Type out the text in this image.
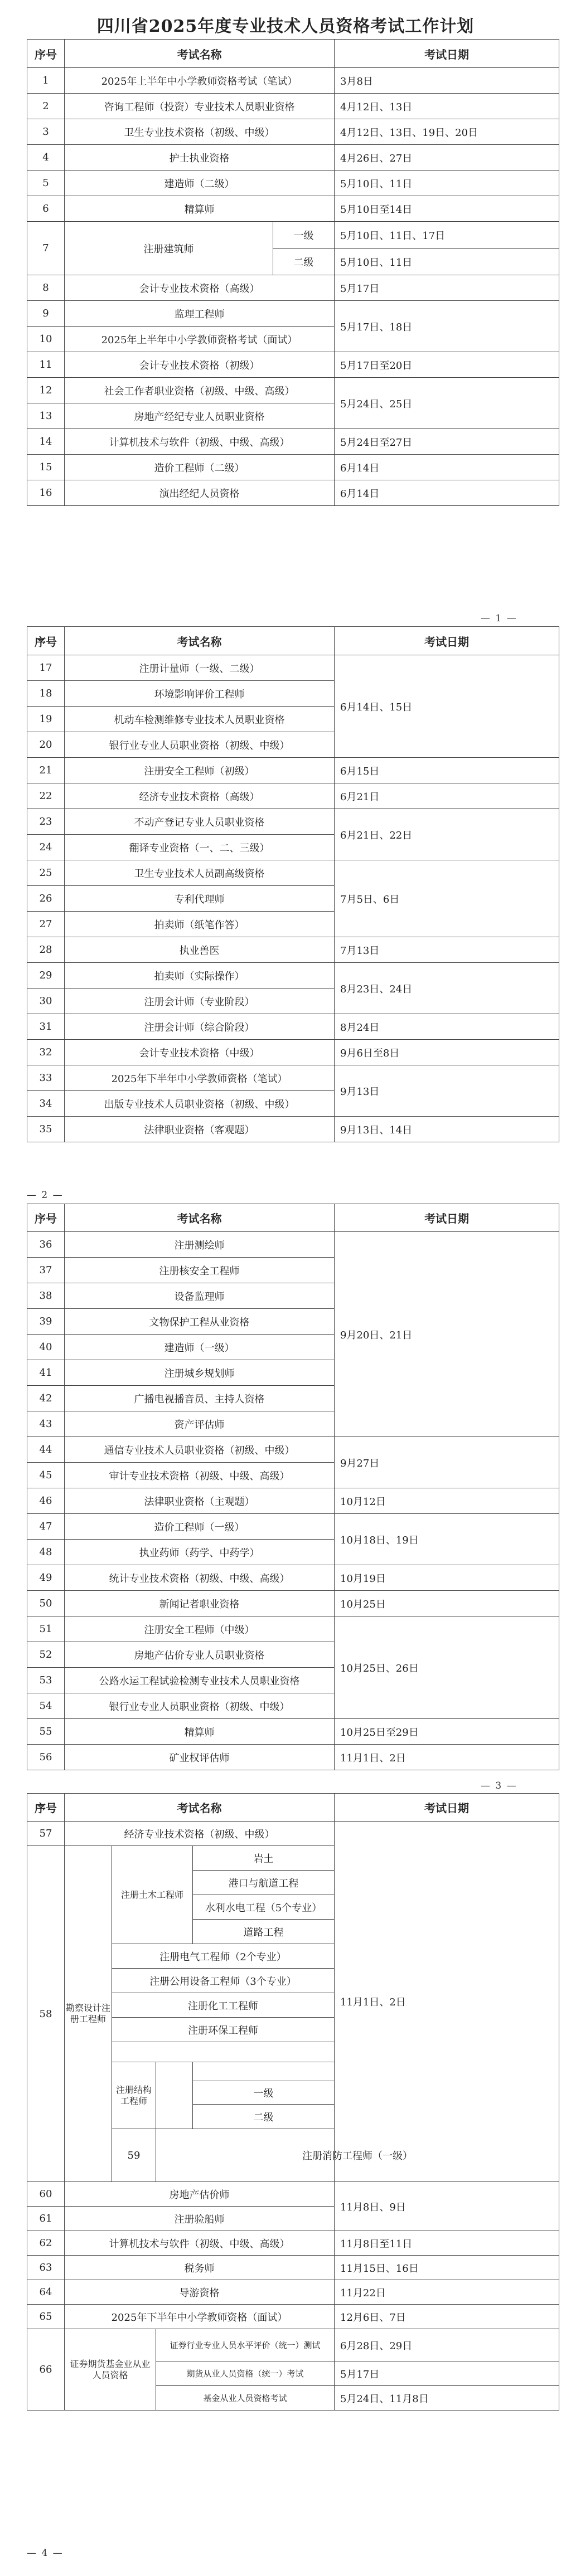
四川省2025年度专业技术人员资格考试工作计划
序号	考试名称		考试日期
1	2025年上半年中小学教师资格考试（笔试）		3月8日
2	咨询工程师（投资）专业技术人员职业资格		4月12日、13日
3	卫生专业技术资格（初级、中级）		4月12日、13日、19日、20日
4	护士执业资格		4月26日、27日
5	建造师（二级）		5月10日、11日
6	精算师		5月10日至14日
7	注册建筑师	一级	5月10日、11日、17日
		二级	5月10日、11日
8	会计专业技术资格（高级）		5月17日
9	监理工程师		5月17日、18日
10	2025年上半年中小学教师资格考试（面试）		
11	会计专业技术资格（初级）		5月17日至20日
12	社会工作者职业资格（初级、中级、高级）		5月24日、25日
13	房地产经纪专业人员职业资格		
14	计算机技术与软件（初级、中级、高级）		5月24日至27日
15	造价工程师（二级）		6月14日
16	演出经纪人员资格		6月14日
— 1 —
序号	考试名称	考试日期
17	注册计量师（一级、二级）	6月14日、15日
18	环境影响评价工程师	
19	机动车检测维修专业技术人员职业资格	
20	银行业专业人员职业资格（初级、中级）	
21	注册安全工程师（初级）	6月15日
22	经济专业技术资格（高级）	6月21日
23	不动产登记专业人员职业资格	6月21日、22日
24	翻译专业资格（一、二、三级）	
25	卫生专业技术人员副高级资格	7月5日、6日
26	专利代理师	
27	拍卖师（纸笔作答）	
28	执业兽医	7月13日
29	拍卖师（实际操作）	8月23日、24日
30	注册会计师（专业阶段）	
31	注册会计师（综合阶段）	8月24日
32	会计专业技术资格（中级）	9月6日至8日
33	2025年下半年中小学教师资格（笔试）	9月13日
34	出版专业技术人员职业资格（初级、中级）	
35	法律职业资格（客观题）	9月13日、14日
— 2 —
序号	考试名称	考试日期
36	注册测绘师	9月20日、21日
37	注册核安全工程师	
38	设备监理师	
39	文物保护工程从业资格	
40	建造师（一级）	
41	注册城乡规划师	
42	广播电视播音员、主持人资格	
43	资产评估师	
44	通信专业技术人员职业资格（初级、中级）	9月27日
45	审计专业技术资格（初级、中级、高级）	
46	法律职业资格（主观题）	10月12日
47	造价工程师（一级）	10月18日、19日
48	执业药师（药学、中药学）	
49	统计专业技术资格（初级、中级、高级）	10月19日
50	新闻记者职业资格	10月25日
51	注册安全工程师（中级）	10月25日、26日
52	房地产估价专业人员职业资格	
53	公路水运工程试验检测专业技术人员职业资格	
54	银行业专业人员职业资格（初级、中级）	
55	精算师	10月25日至29日
56	矿业权评估师	11月1日、2日
— 3 —
序号	考试名称				考试日期	
57	经济专业技术资格（初级、中级）				11月1日、2日	
58	勘察设计注册工程师	注册土木工程师		岩土		
				港口与航道工程		
				水利水电工程（5个专业）		
				道路工程		
		注册电气工程师（2个专业）				
		注册公用设备工程师（3个专业）				
		注册化工工程师				
		注册环保工程师				

		注册结构工程师				
				一级		
				二级		
		59	注册消防工程师（一级）	
60	房地产估价师				11月8日、9日	
61	注册验船师					
62	计算机技术与软件（初级、中级、高级）				11月8日至11日	
63	税务师				11月15日、16日	
64	导游资格				11月22日	
65	2025年下半年中小学教师资格（面试）				12月6日、7日	
66	证券期货基金业从业人员资格		证券行业专业人员水平评价（统一）测试		6月28日、29日	
			期货从业人员资格（统一）考试		5月17日	
			基金从业人员资格考试		5月24日、11月8日	
— 4 —
